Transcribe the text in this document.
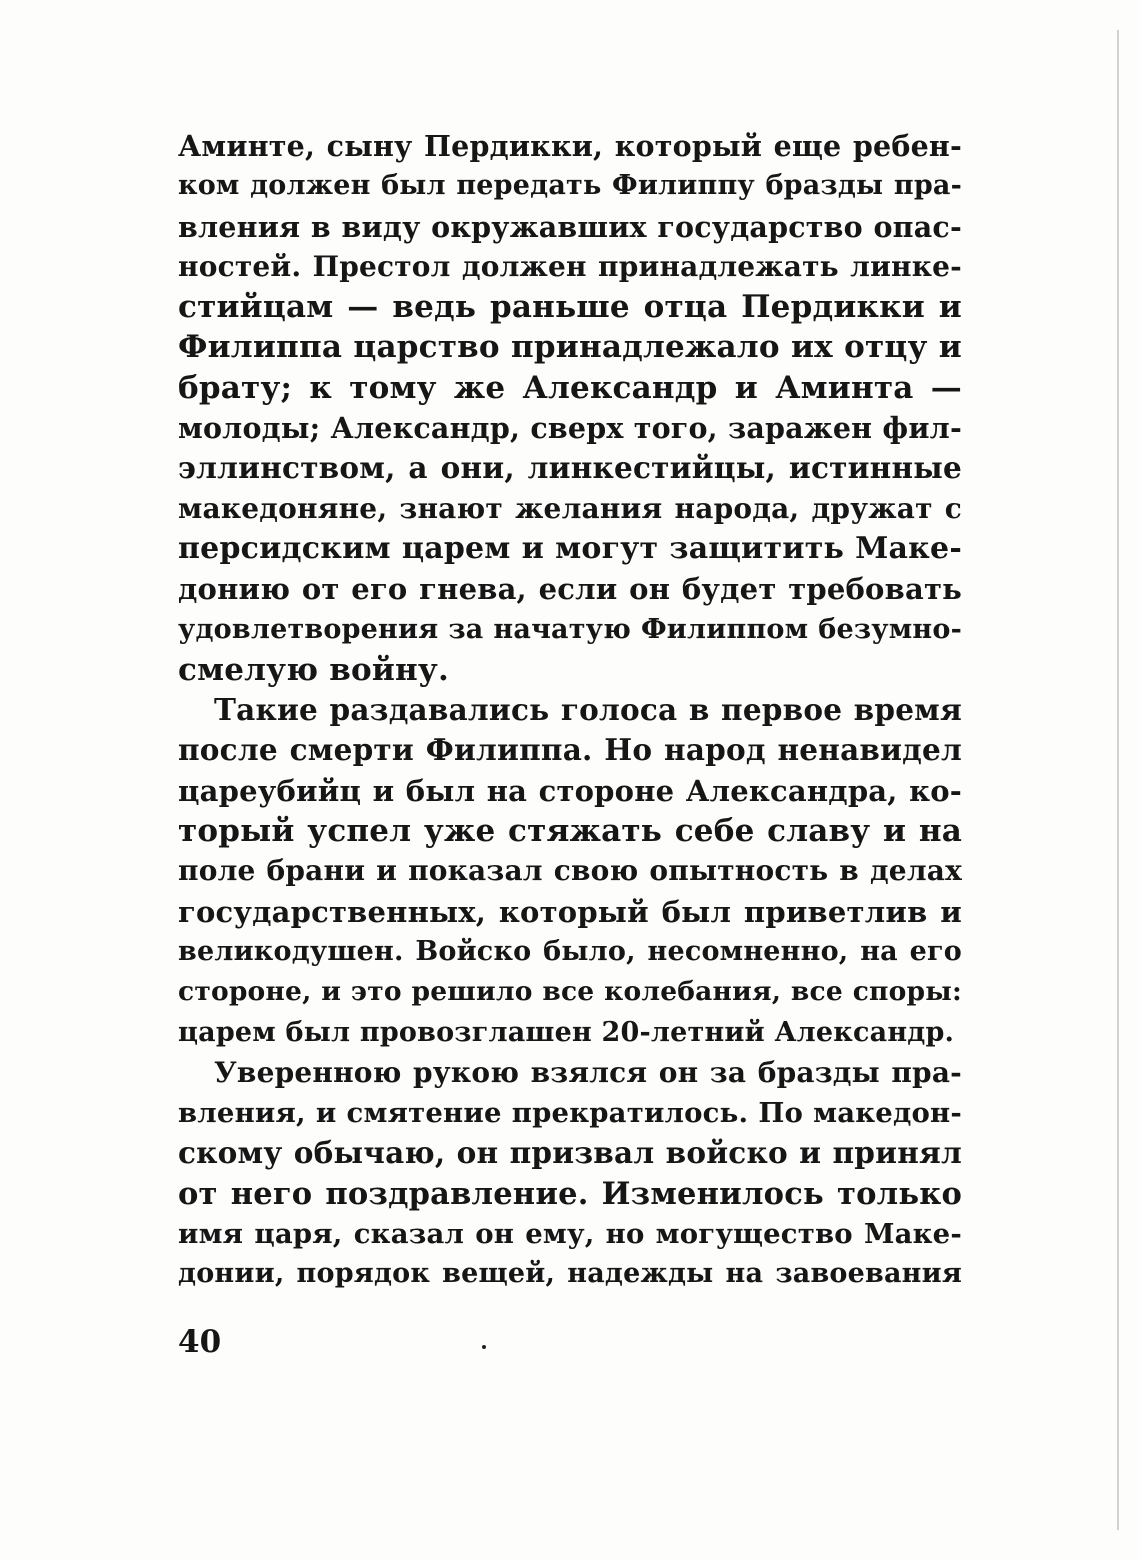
Аминте, сыну Пердикки, который еще ребен-
ком должен был передать Филиппу бразды пра-
вления в виду окружавших государство опас-
ностей. Престол должен принадлежать линке-
стийцам — ведь раньше отца Пердикки и
Филиппа царство принадлежало их отцу и
брату; к тому же Александр и Аминта —
молоды; Александр, сверх того, заражен фил-
эллинством, а они, линкестийцы, истинные
македоняне, знают желания народа, дружат с
персидским царем и могут защитить Маке-
донию от его гнева, если он будет требовать
удовлетворения за начатую Филиппом безумно-
смелую войну.
Такие раздавались голоса в первое время
после смерти Филиппа. Но народ ненавидел
цареубийц и был на стороне Александра, ко-
торый успел уже стяжать себе славу и на
поле брани и показал свою опытность в делах
государственных, который был приветлив и
великодушен. Войско было, несомненно, на его
стороне, и это решило все колебания, все споры:
царем был провозглашен 20-летний Александр.
Уверенною рукою взялся он за бразды пра-
вления, и смятение прекратилось. По македон-
скому обычаю, он призвал войско и принял
от него поздравление. Изменилось только
имя царя, сказал он ему, но могущество Маке-
донии, порядок вещей, надежды на завоевания
40
